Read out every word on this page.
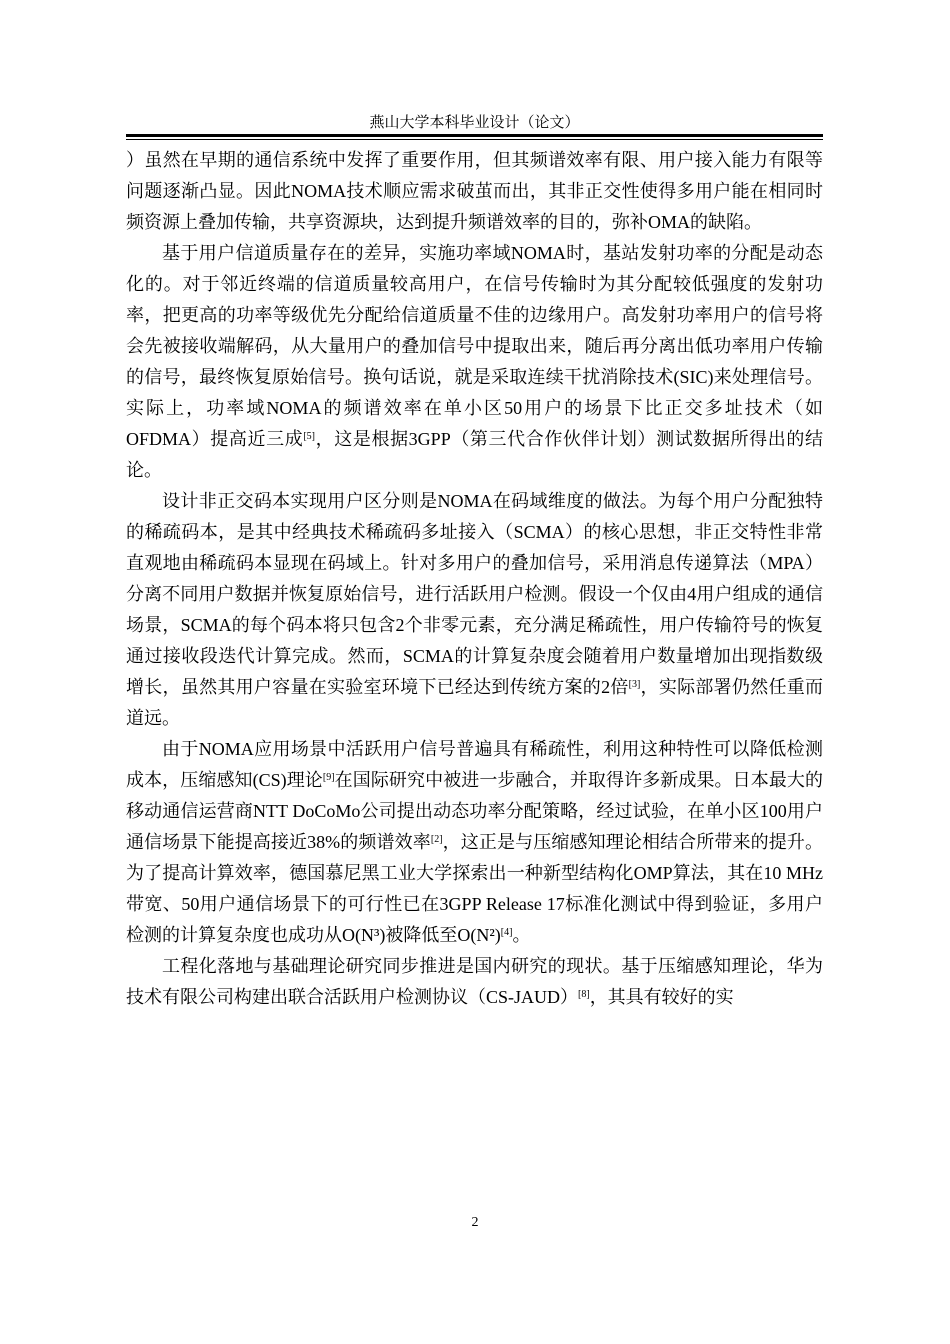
燕山大学本科毕业设计（论文）

）虽然在早期的通信系统中发挥了重要作用，但其频谱效率有限、用户接入能力有限等问题逐渐凸显。因此NOMA技术顺应需求破茧而出，其非正交性使得多用户能在相同时频资源上叠加传输，共享资源块，达到提升频谱效率的目的，弥补OMA的缺陷。

基于用户信道质量存在的差异，实施功率域NOMA时，基站发射功率的分配是动态化的。对于邻近终端的信道质量较高用户，在信号传输时为其分配较低强度的发射功率，把更高的功率等级优先分配给信道质量不佳的边缘用户。高发射功率用户的信号将会先被接收端解码，从大量用户的叠加信号中提取出来，随后再分离出低功率用户传输的信号，最终恢复原始信号。换句话说，就是采取连续干扰消除技术(SIC)来处理信号。实际上，功率域NOMA的频谱效率在单小区50用户的场景下比正交多址技术（如OFDMA）提高近三成[5]，这是根据3GPP（第三代合作伙伴计划）测试数据所得出的结论。

设计非正交码本实现用户区分则是NOMA在码域维度的做法。为每个用户分配独特的稀疏码本，是其中经典技术稀疏码多址接入（SCMA）的核心思想，非正交特性非常直观地由稀疏码本显现在码域上。针对多用户的叠加信号，采用消息传递算法（MPA）分离不同用户数据并恢复原始信号，进行活跃用户检测。假设一个仅由4用户组成的通信场景，SCMA的每个码本将只包含2个非零元素，充分满足稀疏性，用户传输符号的恢复通过接收段迭代计算完成。然而，SCMA的计算复杂度会随着用户数量增加出现指数级增长，虽然其用户容量在实验室环境下已经达到传统方案的2倍[3]，实际部署仍然任重而道远。

由于NOMA应用场景中活跃用户信号普遍具有稀疏性，利用这种特性可以降低检测成本，压缩感知(CS)理论[9]在国际研究中被进一步融合，并取得许多新成果。日本最大的移动通信运营商NTT DoCoMo公司提出动态功率分配策略，经过试验，在单小区100用户通信场景下能提高接近38%的频谱效率[2]，这正是与压缩感知理论相结合所带来的提升。为了提高计算效率，德国慕尼黑工业大学探索出一种新型结构化OMP算法，其在10 MHz带宽、50用户通信场景下的可行性已在3GPP Release 17标准化测试中得到验证，多用户检测的计算复杂度也成功从O(N³)被降低至O(N²)[4]。

工程化落地与基础理论研究同步推进是国内研究的现状。基于压缩感知理论，华为技术有限公司构建出联合活跃用户检测协议（CS-JAUD）[8]，其具有较好的实

2
